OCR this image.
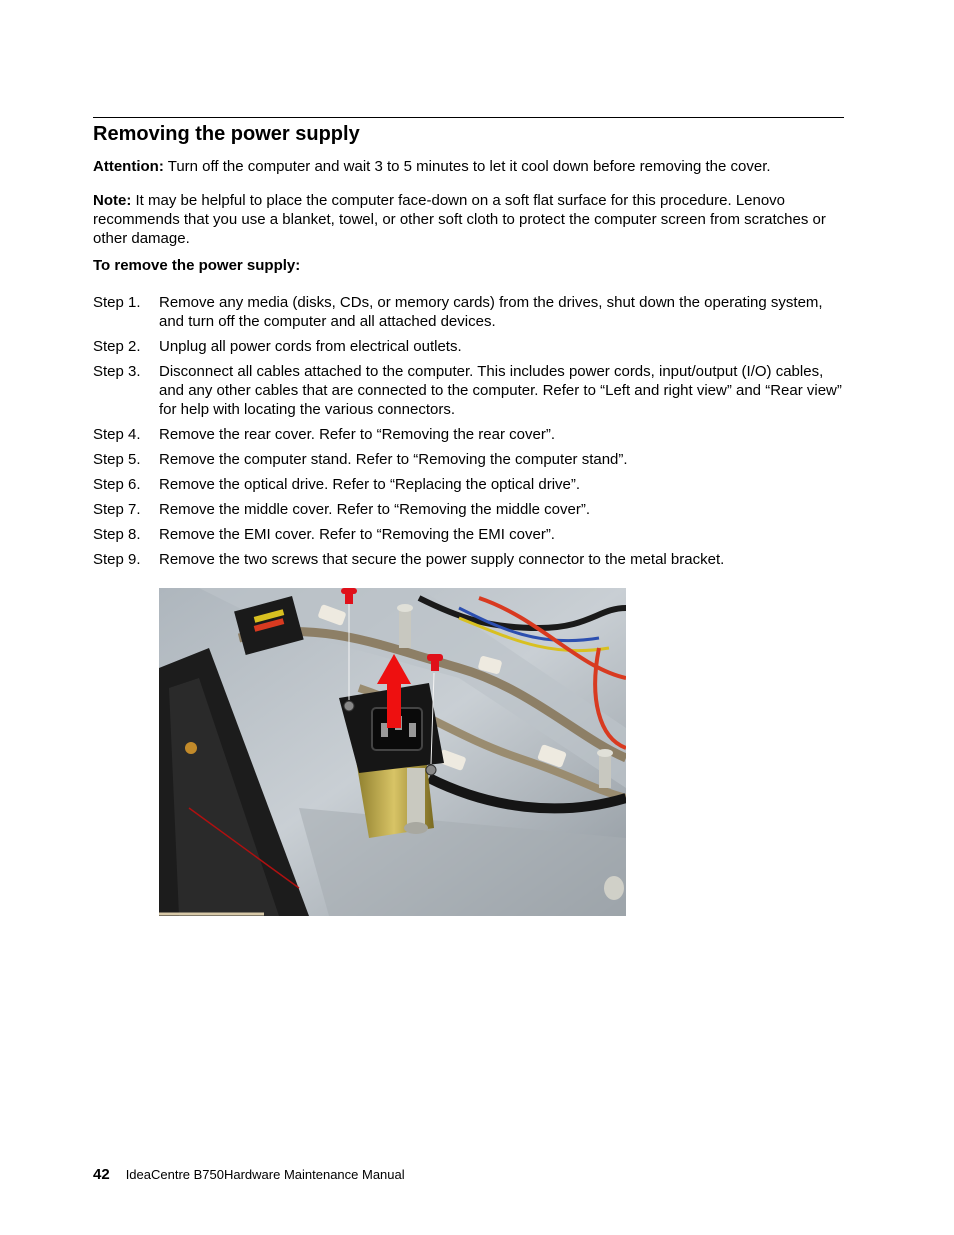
Removing the power supply

Attention: Turn off the computer and wait 3 to 5 minutes to let it cool down before removing the cover.

Note: It may be helpful to place the computer face-down on a soft flat surface for this procedure. Lenovo recommends that you use a blanket, towel, or other soft cloth to protect the computer screen from scratches or other damage.

To remove the power supply:

Step 1.	Remove any media (disks, CDs, or memory cards) from the drives, shut down the operating system, and turn off the computer and all attached devices.
Step 2.	Unplug all power cords from electrical outlets.
Step 3.	Disconnect all cables attached to the computer. This includes power cords, input/output (I/O) cables, and any other cables that are connected to the computer. Refer to “Left and right view” and “Rear view” for help with locating the various connectors.
Step 4.	Remove the rear cover. Refer to “Removing the rear cover”.
Step 5.	Remove the computer stand. Refer to “Removing the computer stand”.
Step 6.	Remove the optical drive. Refer to “Replacing the optical drive”.
Step 7.	Remove the middle cover. Refer to “Removing the middle cover”.
Step 8.	Remove the EMI cover. Refer to “Removing the EMI cover”.
Step 9.	Remove the two screws that secure the power supply connector to the metal bracket.
42 IdeaCentre B750Hardware Maintenance Manual
